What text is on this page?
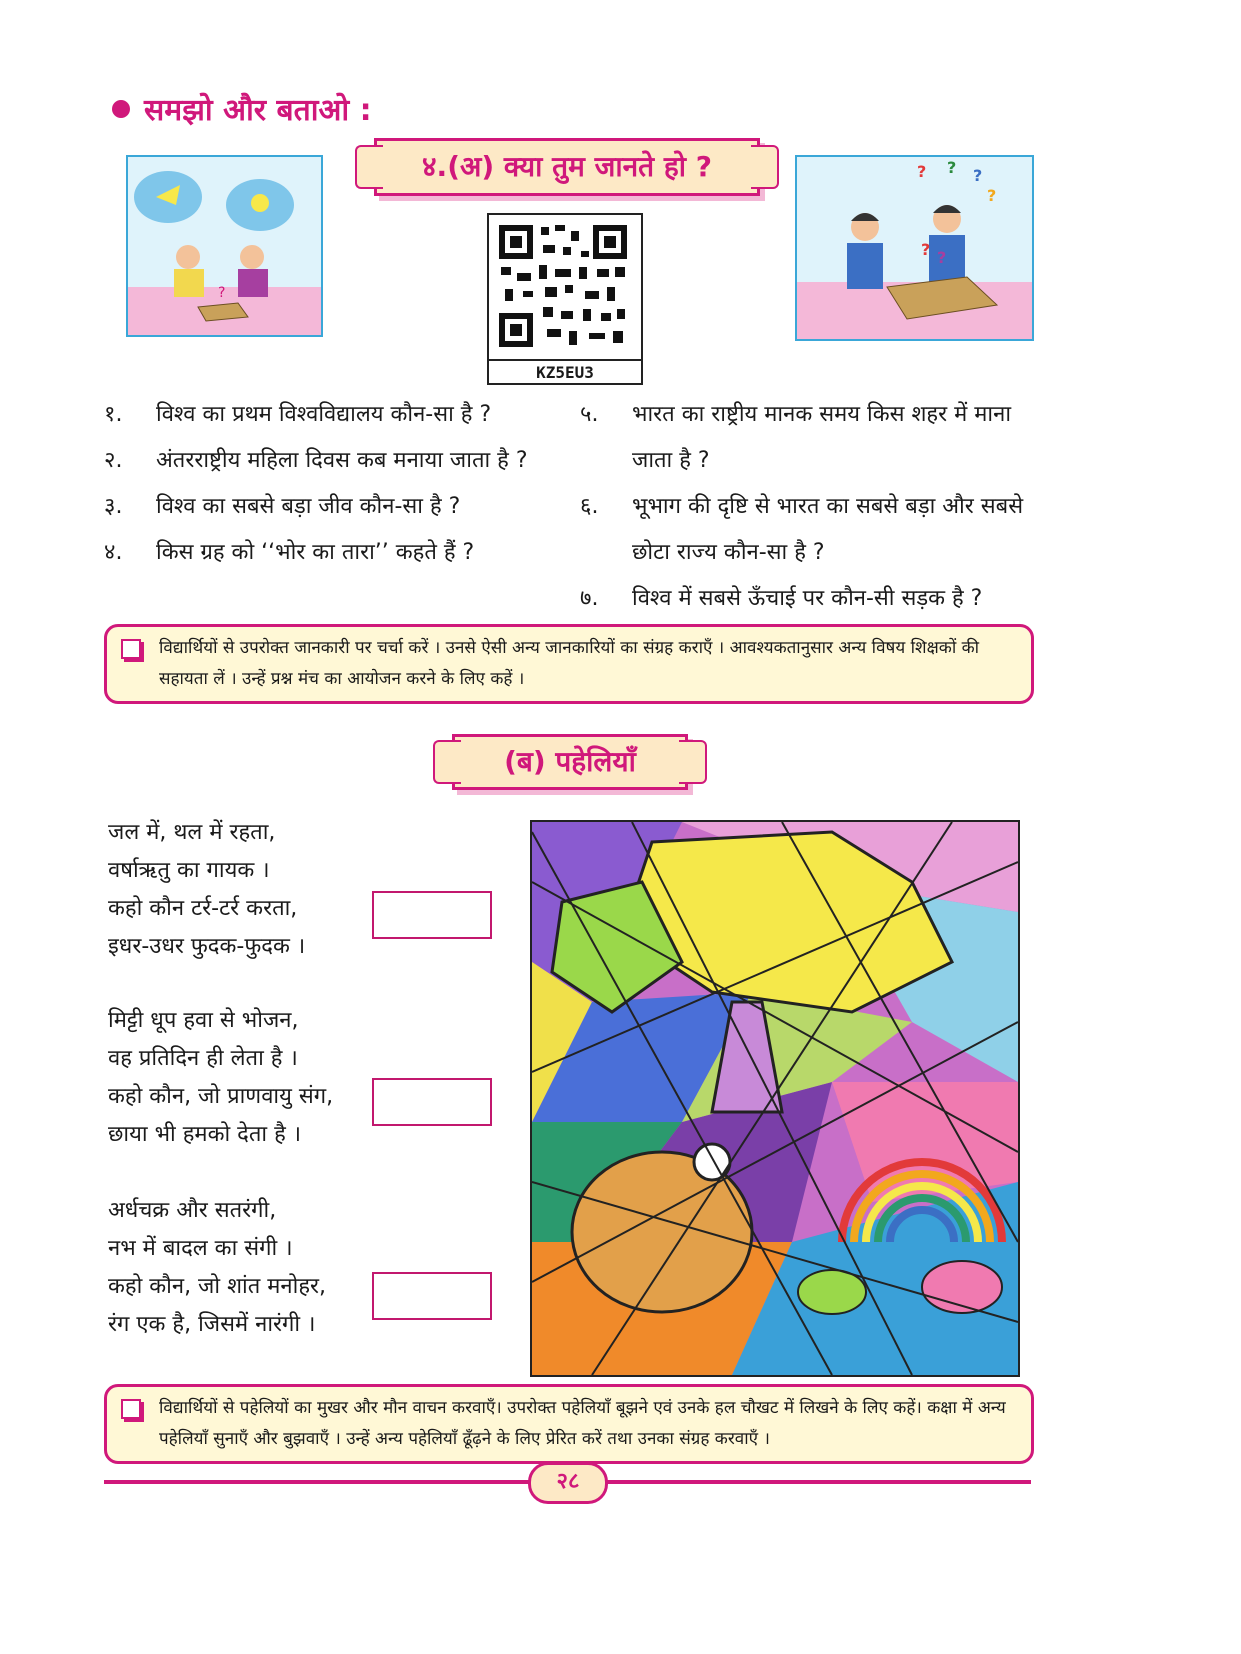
समझो और बताओ :
४.(अ) क्या तुम जानते हो ?
?
KZ5EU3
? ? ?
?
? ?
१.	विश्व का प्रथम विश्वविद्यालय कौन-सा है ?
२.	अंतरराष्ट्रीय महिला दिवस कब मनाया जाता है ?
३.	विश्व का सबसे बड़ा जीव कौन-सा है ?
४.	किस ग्रह को ‘‘भोर का तारा’’ कहते हैं ?
५.	भारत का राष्ट्रीय मानक समय किस शहर में माना जाता है ?
६.	भूभाग की दृष्टि से भारत का सबसे बड़ा और सबसे छोटा राज्य कौन-सा है ?
७.	विश्व में सबसे ऊँचाई पर कौन-सी सड़क है ?
विद्यार्थियों से उपरोक्त जानकारी पर चर्चा करें । उनसे ऐसी अन्य जानकारियों का संग्रह कराएँ । आवश्यकतानुसार अन्य विषय शिक्षकों की सहायता लें । उन्हें प्रश्न मंच का आयोजन करने के लिए कहें ।
(ब) पहेलियाँ
जल में, थल में रहता,
वर्षाऋतु का गायक ।
कहो कौन टर्र-टर्र करता,
इधर-उधर फुदक-फुदक ।
मिट्टी धूप हवा से भोजन,
वह प्रतिदिन ही लेता है ।
कहो कौन, जो प्राणवायु संग,
छाया भी हमको देता है ।
अर्धचक्र और सतरंगी,
नभ में बादल का संगी ।
कहो कौन, जो शांत मनोहर,
रंग एक है, जिसमें नारंगी ।
विद्यार्थियों से पहेलियों का मुखर और मौन वाचन करवाएँ। उपरोक्त पहेलियाँ बूझने एवं उनके हल चौखट में लिखने के लिए कहें। कक्षा में अन्य पहेलियाँ सुनाएँ और बुझवाएँ । उन्हें अन्य पहेलियाँ ढूँढ़ने के लिए प्रेरित करें तथा उनका संग्रह करवाएँ ।
२८
